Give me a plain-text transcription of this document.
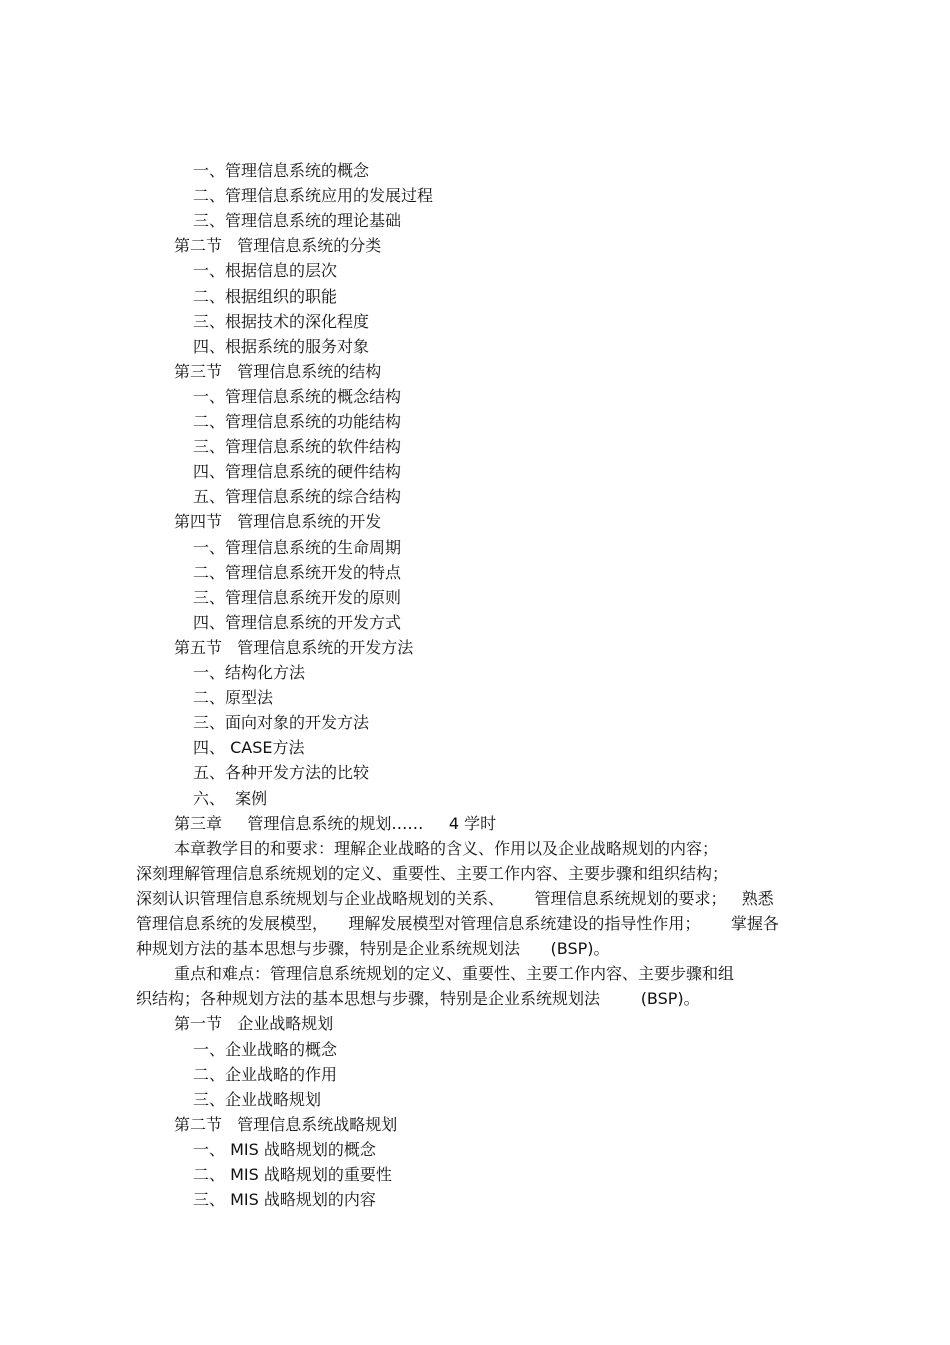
一、管理信息系统的概念
二、管理信息系统应用的发展过程
三、管理信息系统的理论基础
第二节   管理信息系统的分类
一、根据信息的层次
二、根据组织的职能
三、根据技术的深化程度
四、根据系统的服务对象
第三节   管理信息系统的结构
一、管理信息系统的概念结构
二、管理信息系统的功能结构
三、管理信息系统的软件结构
四、管理信息系统的硬件结构
五、管理信息系统的综合结构
第四节   管理信息系统的开发
一、管理信息系统的生命周期
二、管理信息系统开发的特点
三、管理信息系统开发的原则
四、管理信息系统的开发方式
第五节   管理信息系统的开发方法
一、结构化方法
二、原型法
三、面向对象的开发方法
四、 CASE方法
五、各种开发方法的比较
六、  案例
第三章     管理信息系统的规划……     4 学时
本章教学目的和要求：理解企业战略的含义、作用以及企业战略规划的内容；
深刻理解管理信息系统规划的定义、重要性、主要工作内容、主要步骤和组织结构；
深刻认识管理信息系统规划与企业战略规划的关系、      管理信息系统规划的要求；   熟悉
管理信息系统的发展模型，    理解发展模型对管理信息系统建设的指导性作用；      掌握各
种规划方法的基本思想与步骤，特别是企业系统规划法      (BSP)。
重点和难点：管理信息系统规划的定义、重要性、主要工作内容、主要步骤和组
织结构；各种规划方法的基本思想与步骤，特别是企业系统规划法        (BSP)。
第一节   企业战略规划
一、企业战略的概念
二、企业战略的作用
三、企业战略规划
第二节   管理信息系统战略规划
一、 MIS 战略规划的概念
二、 MIS 战略规划的重要性
三、 MIS 战略规划的内容
